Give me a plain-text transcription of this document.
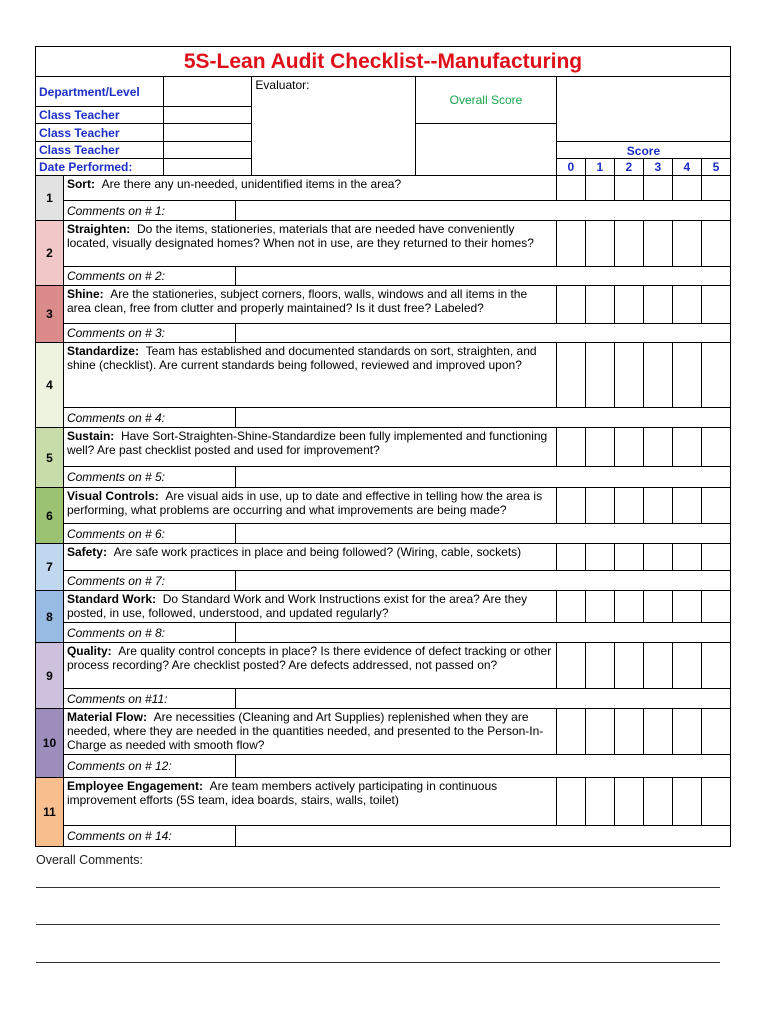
5S-Lean Audit Checklist--Manufacturing											
Department/Level				Evaluator:	Overall Score						
Class Teacher											
Class Teacher											
Class Teacher						Score					
Date Performed:						0	1	2	3	4	5
1	Sort: Are there any un-needed, unidentified items in the area?										
	Comments on # 1:										
2	Straighten: Do the items, stationeries, materials that are needed have conveniently located, visually designated homes? When not in use, are they returned to their homes?										
	Comments on # 2:										
3	Shine: Are the stationeries, subject corners, floors, walls, windows and all items in the area clean, free from clutter and properly maintained? Is it dust free? Labeled?										
	Comments on # 3:										
4	Standardize: Team has established and documented standards on sort, straighten, and shine (checklist). Are current standards being followed, reviewed and improved upon?										
	Comments on # 4:										
5	Sustain: Have Sort-Straighten-Shine-Standardize been fully implemented and functioning well? Are past checklist posted and used for improvement?										
	Comments on # 5:										
6	Visual Controls: Are visual aids in use, up to date and effective in telling how the area is performing, what problems are occurring and what improvements are being made?										
	Comments on # 6:										
7	Safety: Are safe work practices in place and being followed? (Wiring, cable, sockets)										
	Comments on # 7:										
8	Standard Work: Do Standard Work and Work Instructions exist for the area? Are they posted, in use, followed, understood, and updated regularly?										
	Comments on # 8:										
9	Quality: Are quality control concepts in place? Is there evidence of defect tracking or other process recording? Are checklist posted? Are defects addressed, not passed on?										
	Comments on #11:										
10	Material Flow: Are necessities (Cleaning and Art Supplies) replenished when they are needed, where they are needed in the quantities needed, and presented to the Person-In-Charge as needed with smooth flow?										
	Comments on # 12:										
11	Employee Engagement: Are team members actively participating in continuous improvement efforts (5S team, idea boards, stairs, walls, toilet)										
	Comments on # 14:										
Overall Comments:
